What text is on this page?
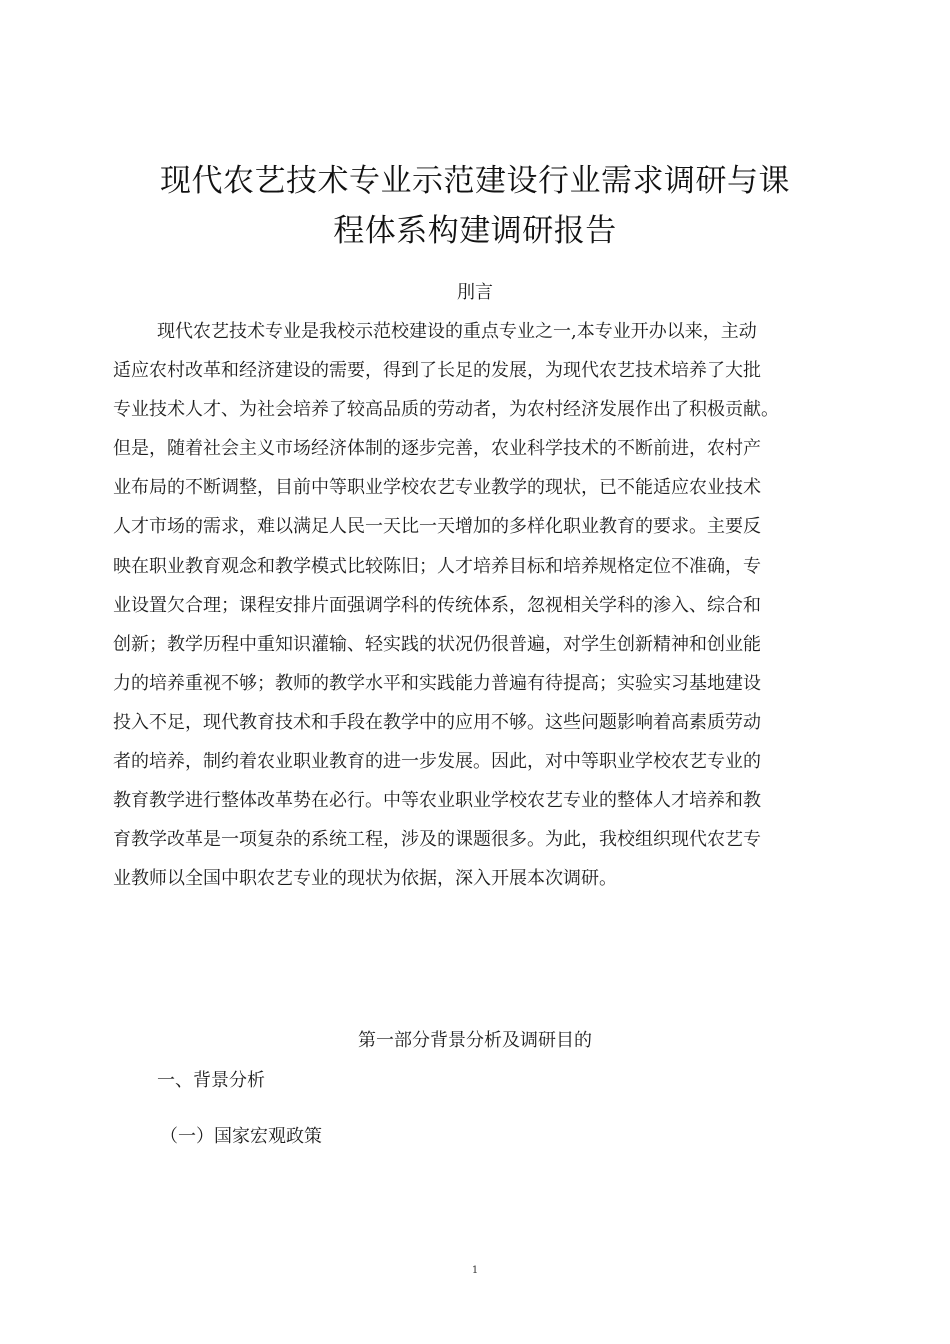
现代农艺技术专业示范建设行业需求调研与课
程体系构建调研报告
刖言
现代农艺技术专业是我校示范校建设的重点专业之一,本专业开办以来，主动
适应农村改革和经济建设的需要，得到了长足的发展，为现代农艺技术培养了大批
专业技术人才、为社会培养了较高品质的劳动者，为农村经济发展作出了积极贡献。
但是，随着社会主义市场经济体制的逐步完善，农业科学技术的不断前进，农村产
业布局的不断调整，目前中等职业学校农艺专业教学的现状，已不能适应农业技术
人才市场的需求，难以满足人民一天比一天增加的多样化职业教育的要求。主要反
映在职业教育观念和教学模式比较陈旧；人才培养目标和培养规格定位不准确，专
业设置欠合理；课程安排片面强调学科的传统体系，忽视相关学科的渗入、综合和
创新；教学历程中重知识灌输、轻实践的状况仍很普遍，对学生创新精神和创业能
力的培养重视不够；教师的教学水平和实践能力普遍有待提高；实验实习基地建设
投入不足，现代教育技术和手段在教学中的应用不够。这些问题影响着高素质劳动
者的培养，制约着农业职业教育的进一步发展。因此，对中等职业学校农艺专业的
教育教学进行整体改革势在必行。中等农业职业学校农艺专业的整体人才培养和教
育教学改革是一项复杂的系统工程，涉及的课题很多。为此，我校组织现代农艺专
业教师以全国中职农艺专业的现状为依据，深入开展本次调研。
第一部分背景分析及调研目的
一、背景分析
（一）国家宏观政策
1
